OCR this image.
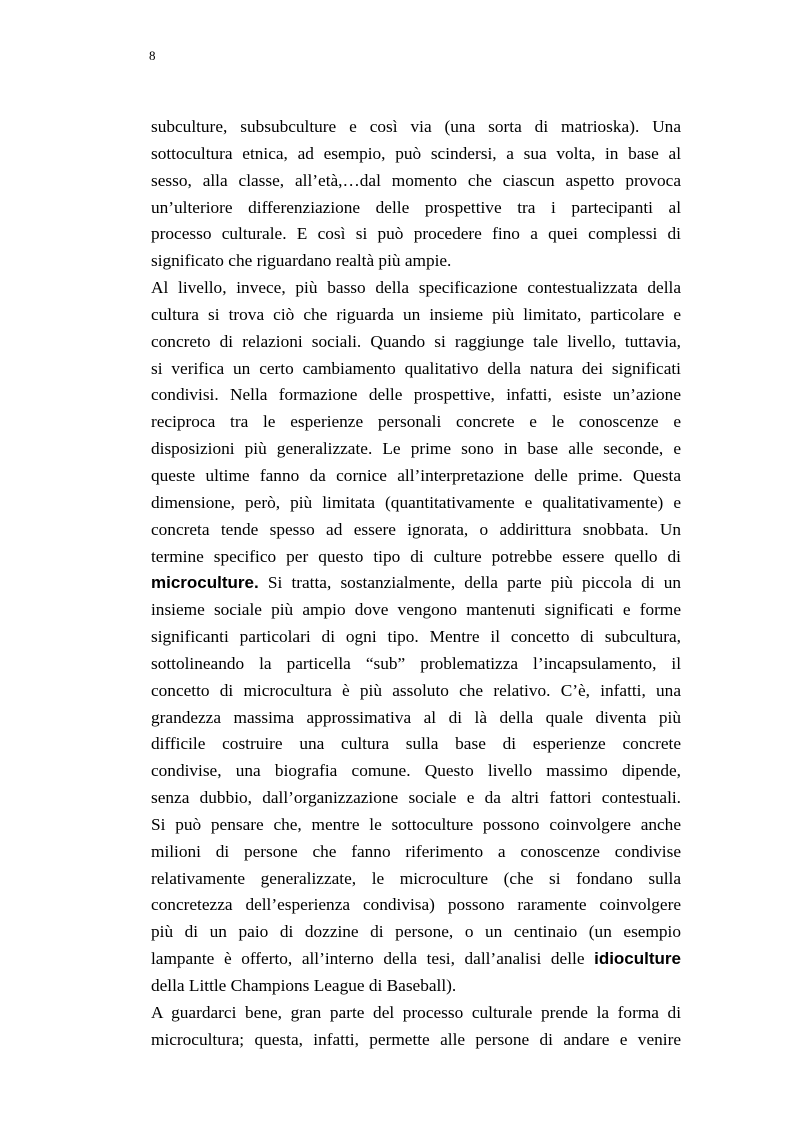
8
subculture, subsubculture e così via (una sorta di matrioska). Una
sottocultura etnica, ad esempio, può scindersi, a sua volta, in base al
sesso, alla classe, all’età,…dal momento che ciascun aspetto provoca
un’ulteriore differenziazione delle prospettive tra i partecipanti al
processo culturale. E così si può procedere fino a quei complessi di
significato che riguardano realtà più ampie.
Al livello, invece, più basso della specificazione contestualizzata della
cultura si trova ciò che riguarda un insieme più limitato, particolare e
concreto di relazioni sociali. Quando si raggiunge tale livello, tuttavia,
si verifica un certo cambiamento qualitativo della natura dei significati
condivisi. Nella formazione delle prospettive, infatti, esiste un’azione
reciproca tra le esperienze personali concrete e le conoscenze e
disposizioni più generalizzate. Le prime sono in base alle seconde, e
queste ultime fanno da cornice all’interpretazione delle prime. Questa
dimensione, però, più limitata (quantitativamente e qualitativamente) e
concreta tende spesso ad essere ignorata, o addirittura snobbata. Un
termine specifico per questo tipo di culture potrebbe essere quello di
microculture. Si tratta, sostanzialmente, della parte più piccola di un
insieme sociale più ampio dove vengono mantenuti significati e forme
significanti particolari di ogni tipo. Mentre il concetto di subcultura,
sottolineando la particella “sub” problematizza l’incapsulamento, il
concetto di microcultura è più assoluto che relativo. C’è, infatti, una
grandezza massima approssimativa al di là della quale diventa più
difficile costruire una cultura sulla base di esperienze concrete
condivise, una biografia comune. Questo livello massimo dipende,
senza dubbio, dall’organizzazione sociale e da altri fattori contestuali.
Si può pensare che, mentre le sottoculture possono coinvolgere anche
milioni di persone che fanno riferimento a conoscenze condivise
relativamente generalizzate, le microculture (che si fondano sulla
concretezza dell’esperienza condivisa) possono raramente coinvolgere
più di un paio di dozzine di persone, o un centinaio (un esempio
lampante è offerto, all’interno della tesi, dall’analisi delle idioculture
della Little Champions League di Baseball).
A guardarci bene, gran parte del processo culturale prende la forma di
microcultura; questa, infatti, permette alle persone di andare e venire
